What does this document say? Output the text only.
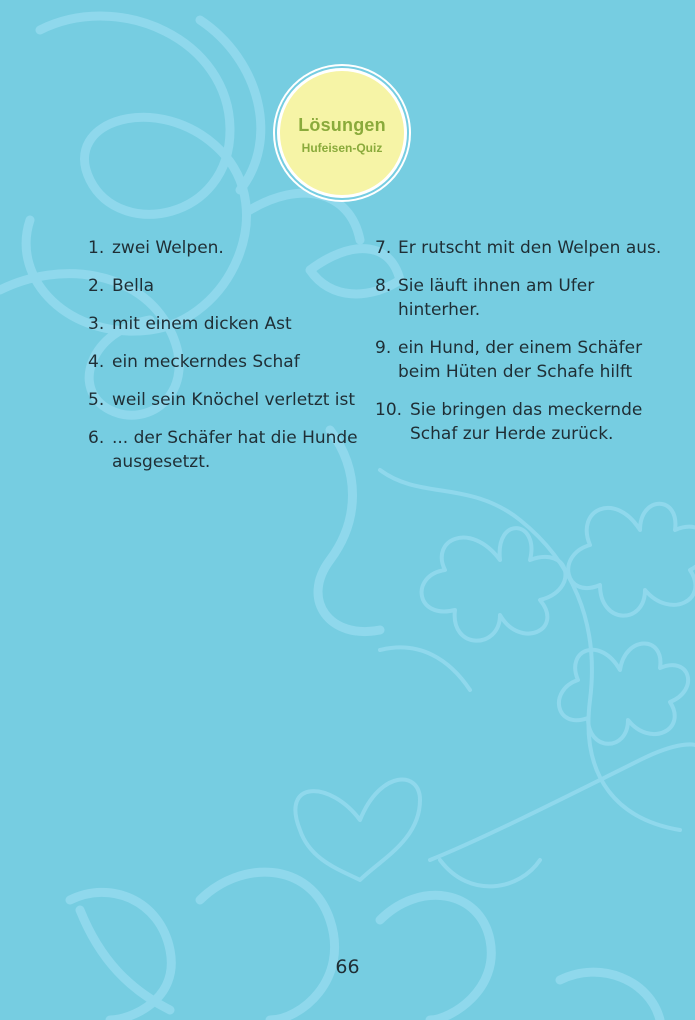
Lösungen
Hufeisen-Quiz
1. zwei Welpen.
2. Bella
3. mit einem dicken Ast
4. ein meckerndes Schaf
5. weil sein Knöchel verletzt ist
6. ... der Schäfer hat die Hunde ausgesetzt.
7. Er rutscht mit den Welpen aus.
8. Sie läuft ihnen am Ufer hinterher.
9. ein Hund, der einem Schäfer beim Hüten der Schafe hilft
10. Sie bringen das meckernde Schaf zur Herde zurück.
66
